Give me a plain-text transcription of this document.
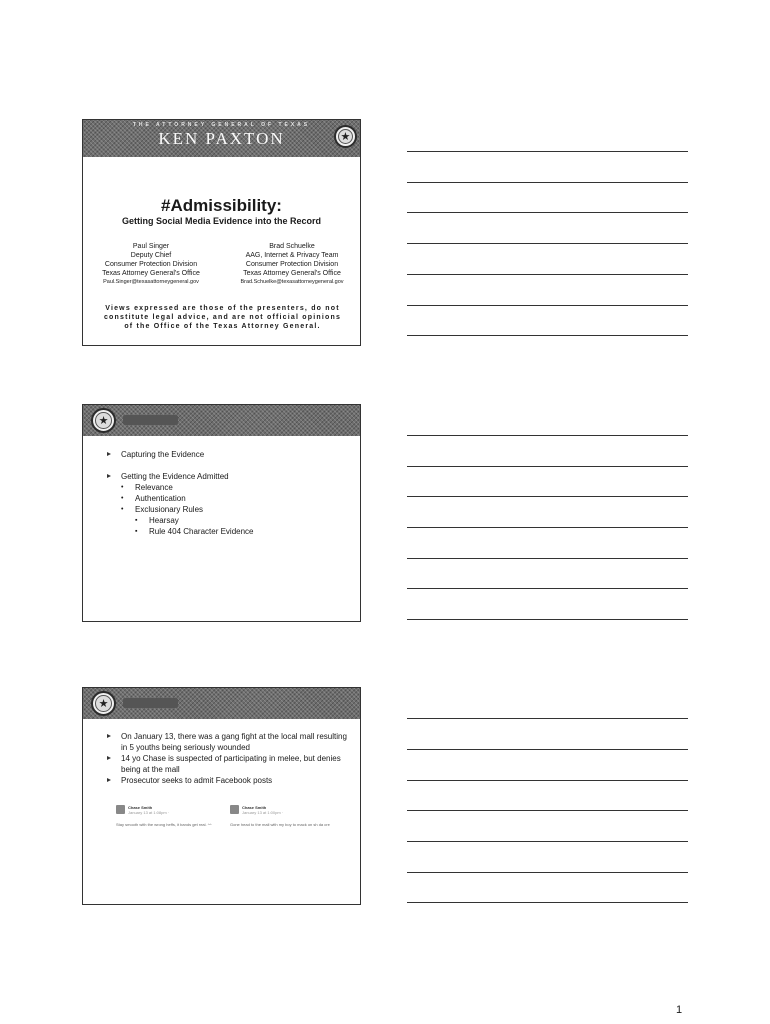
THE ATTORNEY GENERAL OF TEXAS
KEN PAXTON	★
#Admissibility:
Getting Social Media Evidence into the Record
Paul Singer
Deputy Chief
Consumer Protection Division
Texas Attorney General's Office
Paul.Singer@texasattorneygeneral.gov
Brad Schuelke
AAG, Internet & Privacy Team
Consumer Protection Division
Texas Attorney General's Office
Brad.Schuelke@texasattorneygeneral.gov
Views expressed are those of the presenters, do not constitute legal advice, and are not official opinions of the Office of the Texas Attorney General.
★
Capturing the Evidence
Getting the Evidence Admitted
• Relevance
• Authentication
• Exclusionary Rules
▪ Hearsay
▪ Rule 404 Character Evidence
★
On January 13, there was a gang fight at the local mall resulting in 5 youths being seriously wounded
14 yo Chase is suspected of participating in melee, but denies being at the mall
Prosecutor seeks to admit Facebook posts
Chase Smith
January 13 at 1:08pm ·
Stay smooth with the wrong heffs, it bands get real. ^^
Chase Smith
January 13 at 1:00pm ·
Gone head to the mall with my boy to mack on sh da cre
1
